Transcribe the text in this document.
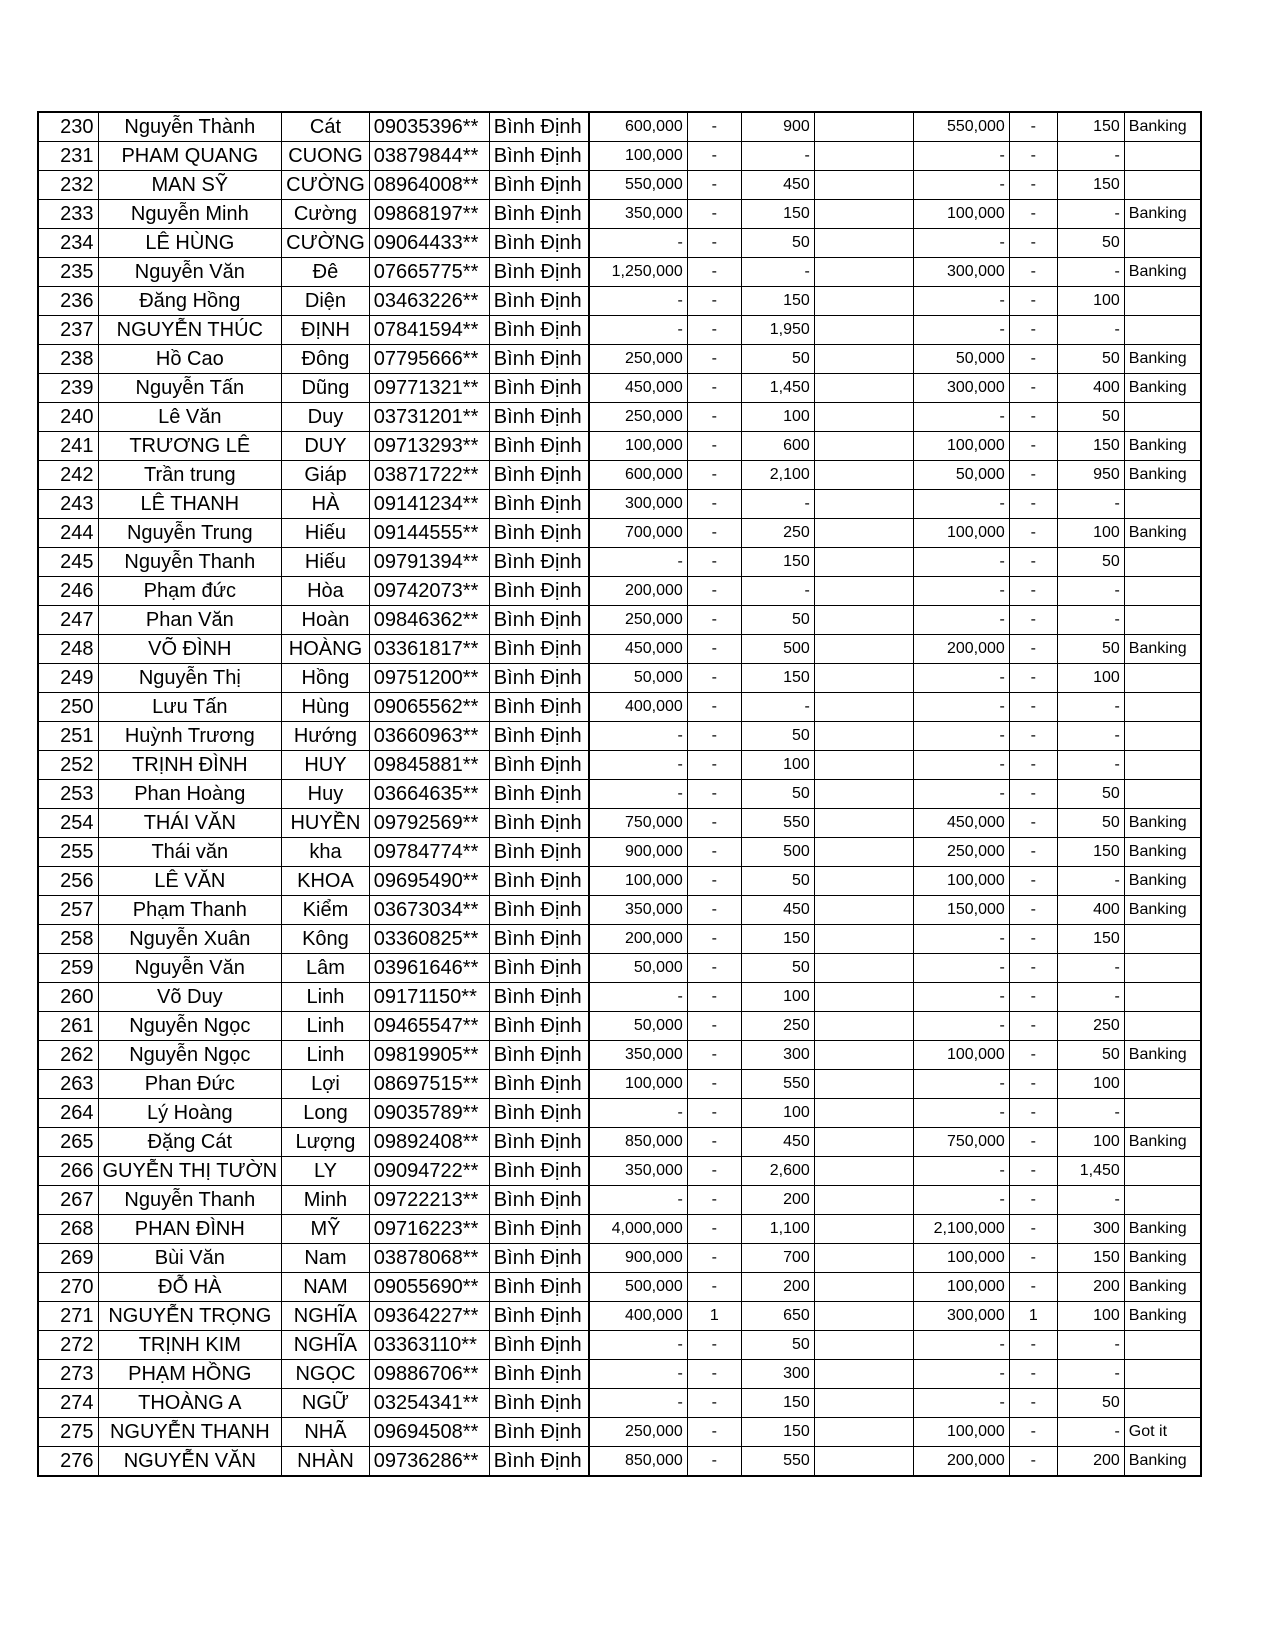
230	Nguyễn Thành	Cát	09035396**	Bình Định	600,000	-	900		550,000	-	150	Banking
231	PHAM QUANG	CUONG	03879844**	Bình Định	100,000	-	-		-	-	-	
232	MAN SỸ	CƯỜNG	08964008**	Bình Định	550,000	-	450		-	-	150	
233	Nguyễn Minh	Cường	09868197**	Bình Định	350,000	-	150		100,000	-	-	Banking
234	LÊ HÙNG	CƯỜNG	09064433**	Bình Định	-	-	50		-	-	50	
235	Nguyễn Văn	Đê	07665775**	Bình Định	1,250,000	-	-		300,000	-	-	Banking
236	Đăng Hồng	Diện	03463226**	Bình Định	-	-	150		-	-	100	
237	NGUYỄN THÚC	ĐỊNH	07841594**	Bình Định	-	-	1,950		-	-	-	
238	Hồ Cao	Đông	07795666**	Bình Định	250,000	-	50		50,000	-	50	Banking
239	Nguyễn Tấn	Dũng	09771321**	Bình Định	450,000	-	1,450		300,000	-	400	Banking
240	Lê Văn	Duy	03731201**	Bình Định	250,000	-	100		-	-	50	
241	TRƯƠNG LÊ	DUY	09713293**	Bình Định	100,000	-	600		100,000	-	150	Banking
242	Trần trung	Giáp	03871722**	Bình Định	600,000	-	2,100		50,000	-	950	Banking
243	LÊ THANH	HÀ	09141234**	Bình Định	300,000	-	-		-	-	-	
244	Nguyễn Trung	Hiếu	09144555**	Bình Định	700,000	-	250		100,000	-	100	Banking
245	Nguyễn Thanh	Hiếu	09791394**	Bình Định	-	-	150		-	-	50	
246	Phạm đức	Hòa	09742073**	Bình Định	200,000	-	-		-	-	-	
247	Phan Văn	Hoàn	09846362**	Bình Định	250,000	-	50		-	-	-	
248	VÕ ĐÌNH	HOÀNG	03361817**	Bình Định	450,000	-	500		200,000	-	50	Banking
249	Nguyễn Thị	Hồng	09751200**	Bình Định	50,000	-	150		-	-	100	
250	Lưu Tấn	Hùng	09065562**	Bình Định	400,000	-	-		-	-	-	
251	Huỳnh Trương	Hướng	03660963**	Bình Định	-	-	50		-	-	-	
252	TRỊNH ĐÌNH	HUY	09845881**	Bình Định	-	-	100		-	-	-	
253	Phan Hoàng	Huy	03664635**	Bình Định	-	-	50		-	-	50	
254	THÁI VĂN	HUYỀN	09792569**	Bình Định	750,000	-	550		450,000	-	50	Banking
255	Thái văn	kha	09784774**	Bình Định	900,000	-	500		250,000	-	150	Banking
256	LÊ VĂN	KHOA	09695490**	Bình Định	100,000	-	50		100,000	-	-	Banking
257	Phạm Thanh	Kiểm	03673034**	Bình Định	350,000	-	450		150,000	-	400	Banking
258	Nguyễn Xuân	Kông	03360825**	Bình Định	200,000	-	150		-	-	150	
259	Nguyễn Văn	Lâm	03961646**	Bình Định	50,000	-	50		-	-	-	
260	Võ Duy	Linh	09171150**	Bình Định	-	-	100		-	-	-	
261	Nguyễn Ngọc	Linh	09465547**	Bình Định	50,000	-	250		-	-	250	
262	Nguyễn Ngọc	Linh	09819905**	Bình Định	350,000	-	300		100,000	-	50	Banking
263	Phan Đức	Lợi	08697515**	Bình Định	100,000	-	550		-	-	100	
264	Lý Hoàng	Long	09035789**	Bình Định	-	-	100		-	-	-	
265	Đặng Cát	Lượng	09892408**	Bình Định	850,000	-	450		750,000	-	100	Banking
266	GUYỄN THỊ TƯỜN	LY	09094722**	Bình Định	350,000	-	2,600		-	-	1,450	
267	Nguyễn Thanh	Minh	09722213**	Bình Định	-	-	200		-	-	-	
268	PHAN ĐÌNH	MỸ	09716223**	Bình Định	4,000,000	-	1,100		2,100,000	-	300	Banking
269	Bùi Văn	Nam	03878068**	Bình Định	900,000	-	700		100,000	-	150	Banking
270	ĐỖ HÀ	NAM	09055690**	Bình Định	500,000	-	200		100,000	-	200	Banking
271	NGUYỄN TRỌNG	NGHĨA	09364227**	Bình Định	400,000	1	650		300,000	1	100	Banking
272	TRỊNH KIM	NGHĨA	03363110**	Bình Định	-	-	50		-	-	-	
273	PHẠM HỒNG	NGỌC	09886706**	Bình Định	-	-	300		-	-	-	
274	THOÀNG A	NGỮ	03254341**	Bình Định	-	-	150		-	-	50	
275	NGUYỄN THANH	NHÃ	09694508**	Bình Định	250,000	-	150		100,000	-	-	Got it
276	NGUYỄN VĂN	NHÀN	09736286**	Bình Định	850,000	-	550		200,000	-	200	Banking
